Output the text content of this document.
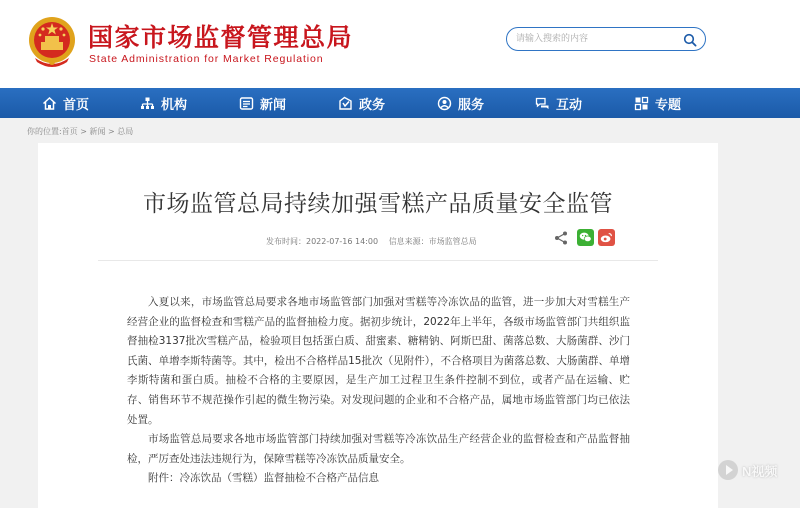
国家市场监督管理总局
State Administration for Market Regulation
请输入搜索的内容
首页	机构	新闻	政务	服务	互动	专题
你的位置:首页 > 新闻 > 总局
市场监管总局持续加强雪糕产品质量安全监管
发布时间：2022-07-16 14:00 信息来源：市场监管总局

入夏以来，市场监管总局要求各地市场监管部门加强对雪糕等冷冻饮品的监管，进一步加大对雪糕生产经营企业的监督检查和雪糕产品的监督抽检力度。据初步统计，2022年上半年，各级市场监管部门共组织监督抽检3137批次雪糕产品，检验项目包括蛋白质、甜蜜素、糖精钠、阿斯巴甜、菌落总数、大肠菌群、沙门氏菌、单增李斯特菌等。其中，检出不合格样品15批次（见附件），不合格项目为菌落总数、大肠菌群、单增李斯特菌和蛋白质。抽检不合格的主要原因，是生产加工过程卫生条件控制不到位，或者产品在运输、贮存、销售环节不规范操作引起的微生物污染。对发现问题的企业和不合格产品，属地市场监管部门均已依法处置。

市场监管总局要求各地市场监管部门持续加强对雪糕等冷冻饮品生产经营企业的监督检查和产品监督抽检，严厉查处违法违规行为，保障雪糕等冷冻饮品质量安全。

附件：冷冻饮品（雪糕）监督抽检不合格产品信息	N视频
